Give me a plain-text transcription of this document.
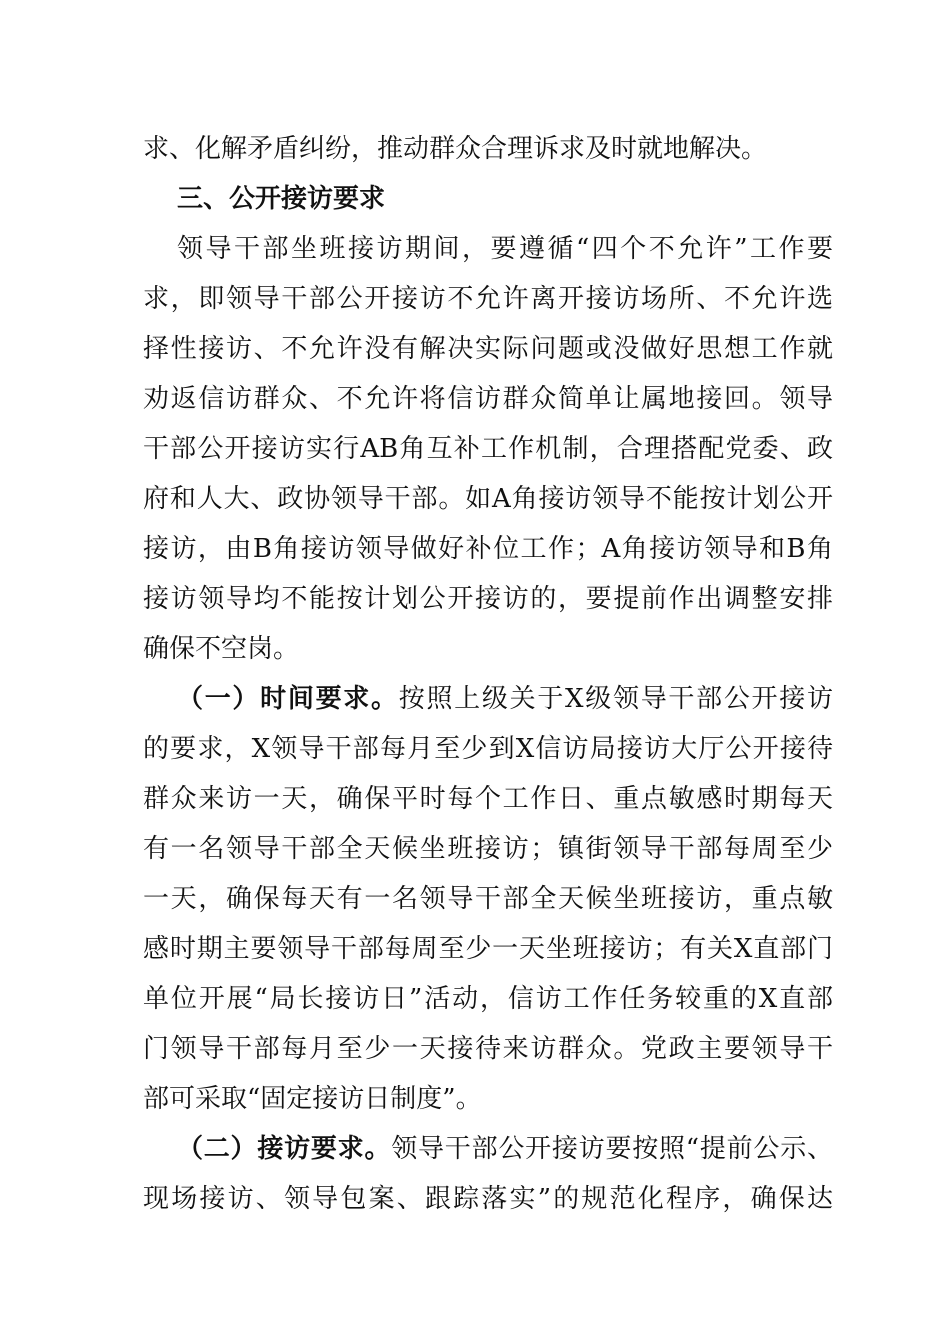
求、化解矛盾纠纷，推动群众合理诉求及时就地解决。
三、公开接访要求
领导干部坐班接访期间，要遵循“四个不允许”工作要
求，即领导干部公开接访不允许离开接访场所、不允许选
择性接访、不允许没有解决实际问题或没做好思想工作就
劝返信访群众、不允许将信访群众简单让属地接回。领导
干部公开接访实行AB角互补工作机制，合理搭配党委、政
府和人大、政协领导干部。如A角接访领导不能按计划公开
接访，由B角接访领导做好补位工作；A角接访领导和B角
接访领导均不能按计划公开接访的，要提前作出调整安排
确保不空岗。
（一）时间要求。按照上级关于X级领导干部公开接访
的要求，X领导干部每月至少到X信访局接访大厅公开接待
群众来访一天，确保平时每个工作日、重点敏感时期每天
有一名领导干部全天候坐班接访；镇街领导干部每周至少
一天，确保每天有一名领导干部全天候坐班接访，重点敏
感时期主要领导干部每周至少一天坐班接访；有关X直部门
单位开展“局长接访日”活动，信访工作任务较重的X直部
门领导干部每月至少一天接待来访群众。党政主要领导干
部可采取“固定接访日制度”。
（二）接访要求。领导干部公开接访要按照“提前公示、
现场接访、领导包案、跟踪落实”的规范化程序，确保达
